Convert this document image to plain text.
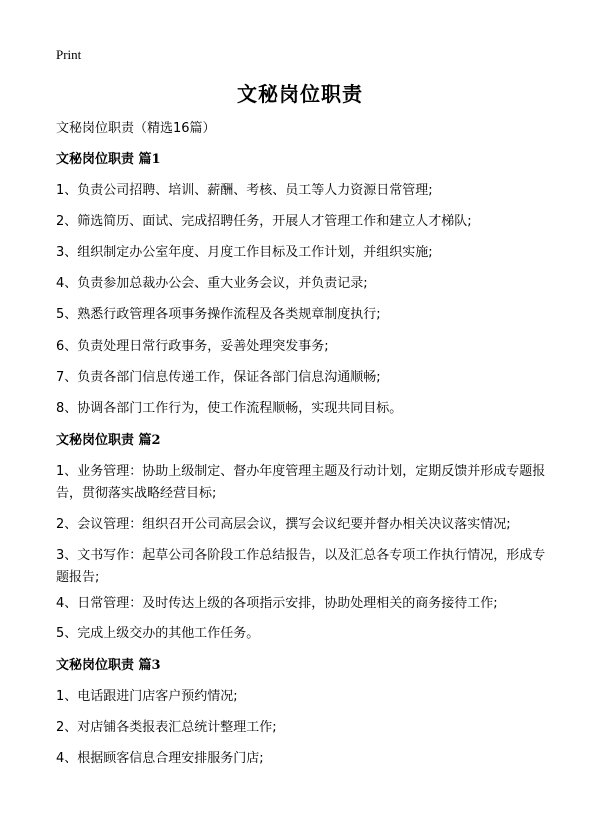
Print
文秘岗位职责
文秘岗位职责（精选16篇）
文秘岗位职责 篇1
1、负责公司招聘、培训、薪酬、考核、员工等人力资源日常管理;
2、筛选简历、面试、完成招聘任务，开展人才管理工作和建立人才梯队;
3、组织制定办公室年度、月度工作目标及工作计划，并组织实施;
4、负责参加总裁办公会、重大业务会议，并负责记录;
5、熟悉行政管理各项事务操作流程及各类规章制度执行;
6、负责处理日常行政事务，妥善处理突发事务;
7、负责各部门信息传递工作，保证各部门信息沟通顺畅;
8、协调各部门工作行为，使工作流程顺畅，实现共同目标。
文秘岗位职责 篇2
1、业务管理：协助上级制定、督办年度管理主题及行动计划，定期反馈并形成专题报告，贯彻落实战略经营目标;
2、会议管理：组织召开公司高层会议，撰写会议纪要并督办相关决议落实情况;
3、文书写作：起草公司各阶段工作总结报告，以及汇总各专项工作执行情况，形成专题报告;
4、日常管理：及时传达上级的各项指示安排，协助处理相关的商务接待工作;
5、完成上级交办的其他工作任务。
文秘岗位职责 篇3
1、电话跟进门店客户预约情况;
2、对店铺各类报表汇总统计整理工作;
4、根据顾客信息合理安排服务门店;
